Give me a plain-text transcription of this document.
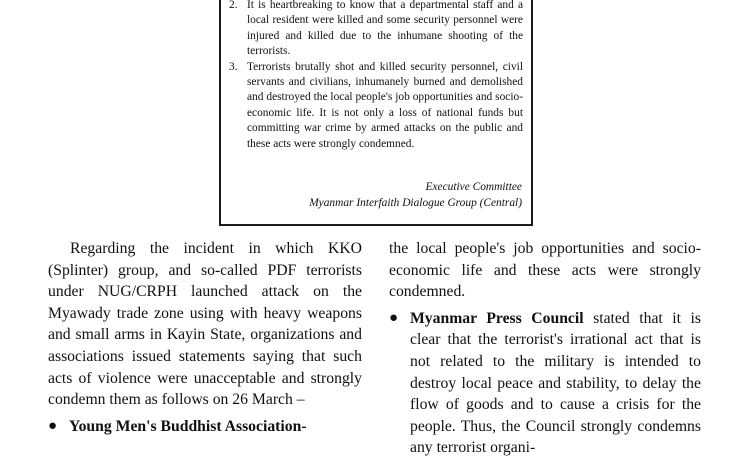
2. It is heartbreaking to know that a departmental staff and a local resident were killed and some security personnel were injured and killed due to the inhumane shooting of the terrorists.
3. Terrorists brutally shot and killed security personnel, civil servants and civilians, inhumanely burned and demolished and destroyed the local people's job opportunities and socio-economic life. It is not only a loss of national funds but committing war crime by armed attacks on the public and these acts were strongly condemned.
Executive Committee
Myanmar Interfaith Dialogue Group (Central)

Regarding the incident in which KKO (Splinter) group, and so-called PDF terrorists under NUG/CRPH launched attack on the Myawady trade zone using with heavy weapons and small arms in Kayin State, organizations and associations issued statements saying that such acts of violence were unacceptable and strongly condemn them as follows on 26 March –

● Young Men's Buddhist Association-

the local people's job opportunities and socio-economic life and these acts were strongly condemned.

● Myanmar Press Council stated that it is clear that the terrorist's irrational act that is not related to the military is intended to destroy local peace and stability, to delay the flow of goods and to cause a crisis for the people. Thus, the Council strongly condemns any terrorist organi-
